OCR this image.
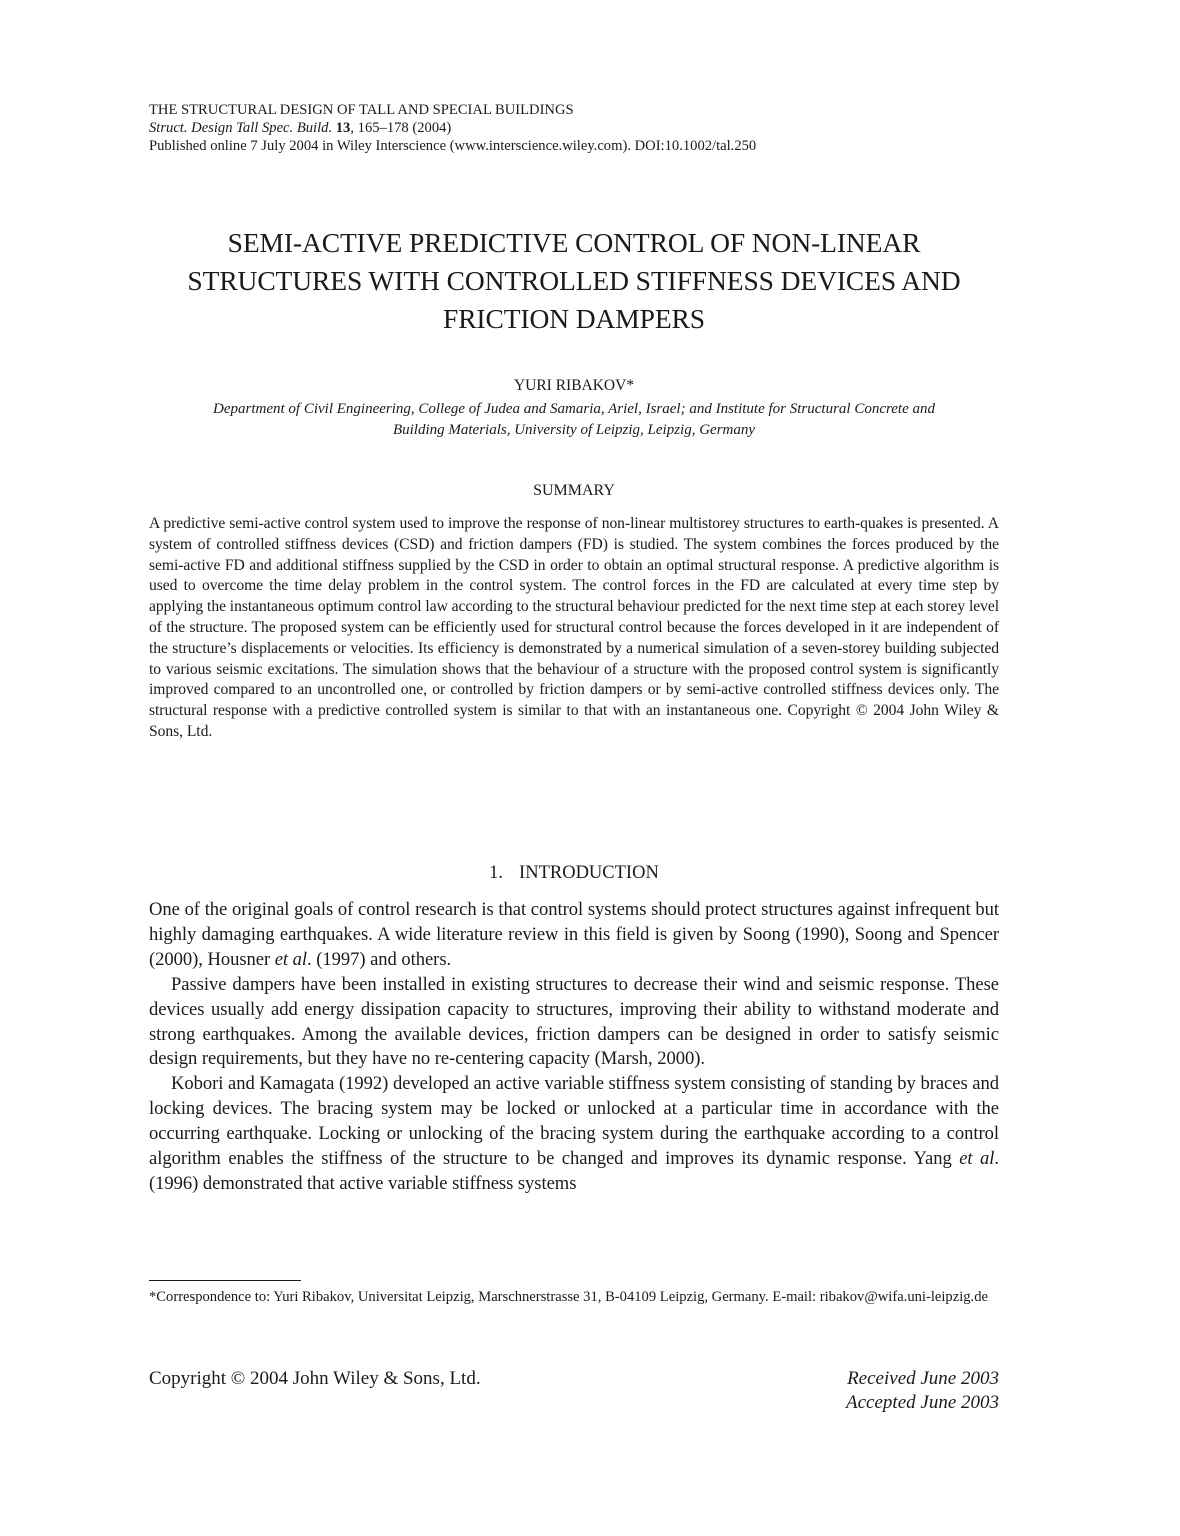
THE STRUCTURAL DESIGN OF TALL AND SPECIAL BUILDINGS
Struct. Design Tall Spec. Build. 13, 165–178 (2004)
Published online 7 July 2004 in Wiley Interscience (www.interscience.wiley.com). DOI:10.1002/tal.250
SEMI-ACTIVE PREDICTIVE CONTROL OF NON-LINEAR
STRUCTURES WITH CONTROLLED STIFFNESS DEVICES AND
FRICTION DAMPERS
YURI RIBAKOV*
Department of Civil Engineering, College of Judea and Samaria, Ariel, Israel; and Institute for Structural Concrete and
Building Materials, University of Leipzig, Leipzig, Germany
SUMMARY
A predictive semi-active control system used to improve the response of non-linear multistorey structures to earth-quakes is presented. A system of controlled stiffness devices (CSD) and friction dampers (FD) is studied. The system combines the forces produced by the semi-active FD and additional stiffness supplied by the CSD in order to obtain an optimal structural response. A predictive algorithm is used to overcome the time delay problem in the control system. The control forces in the FD are calculated at every time step by applying the instantaneous optimum control law according to the structural behaviour predicted for the next time step at each storey level of the structure. The proposed system can be efficiently used for structural control because the forces developed in it are independent of the structure’s displacements or velocities. Its efficiency is demonstrated by a numerical simulation of a seven-storey building subjected to various seismic excitations. The simulation shows that the behaviour of a structure with the proposed control system is significantly improved compared to an uncontrolled one, or controlled by friction dampers or by semi-active controlled stiffness devices only. The structural response with a predictive controlled system is similar to that with an instantaneous one. Copyright © 2004 John Wiley & Sons, Ltd.
1. INTRODUCTION

One of the original goals of control research is that control systems should protect structures against infrequent but highly damaging earthquakes. A wide literature review in this field is given by Soong (1990), Soong and Spencer (2000), Housner et al. (1997) and others.

Passive dampers have been installed in existing structures to decrease their wind and seismic response. These devices usually add energy dissipation capacity to structures, improving their ability to withstand moderate and strong earthquakes. Among the available devices, friction dampers can be designed in order to satisfy seismic design requirements, but they have no re-centering capacity (Marsh, 2000).

Kobori and Kamagata (1992) developed an active variable stiffness system consisting of standing by braces and locking devices. The bracing system may be locked or unlocked at a particular time in accordance with the occurring earthquake. Locking or unlocking of the bracing system during the earthquake according to a control algorithm enables the stiffness of the structure to be changed and improves its dynamic response. Yang et al. (1996) demonstrated that active variable stiffness systems

*Correspondence to: Yuri Ribakov, Universitat Leipzig, Marschnerstrasse 31, B-04109 Leipzig, Germany. E-mail: ribakov@wifa.uni-leipzig.de
Copyright © 2004 John Wiley & Sons, Ltd.	Received June 2003
Accepted June 2003
